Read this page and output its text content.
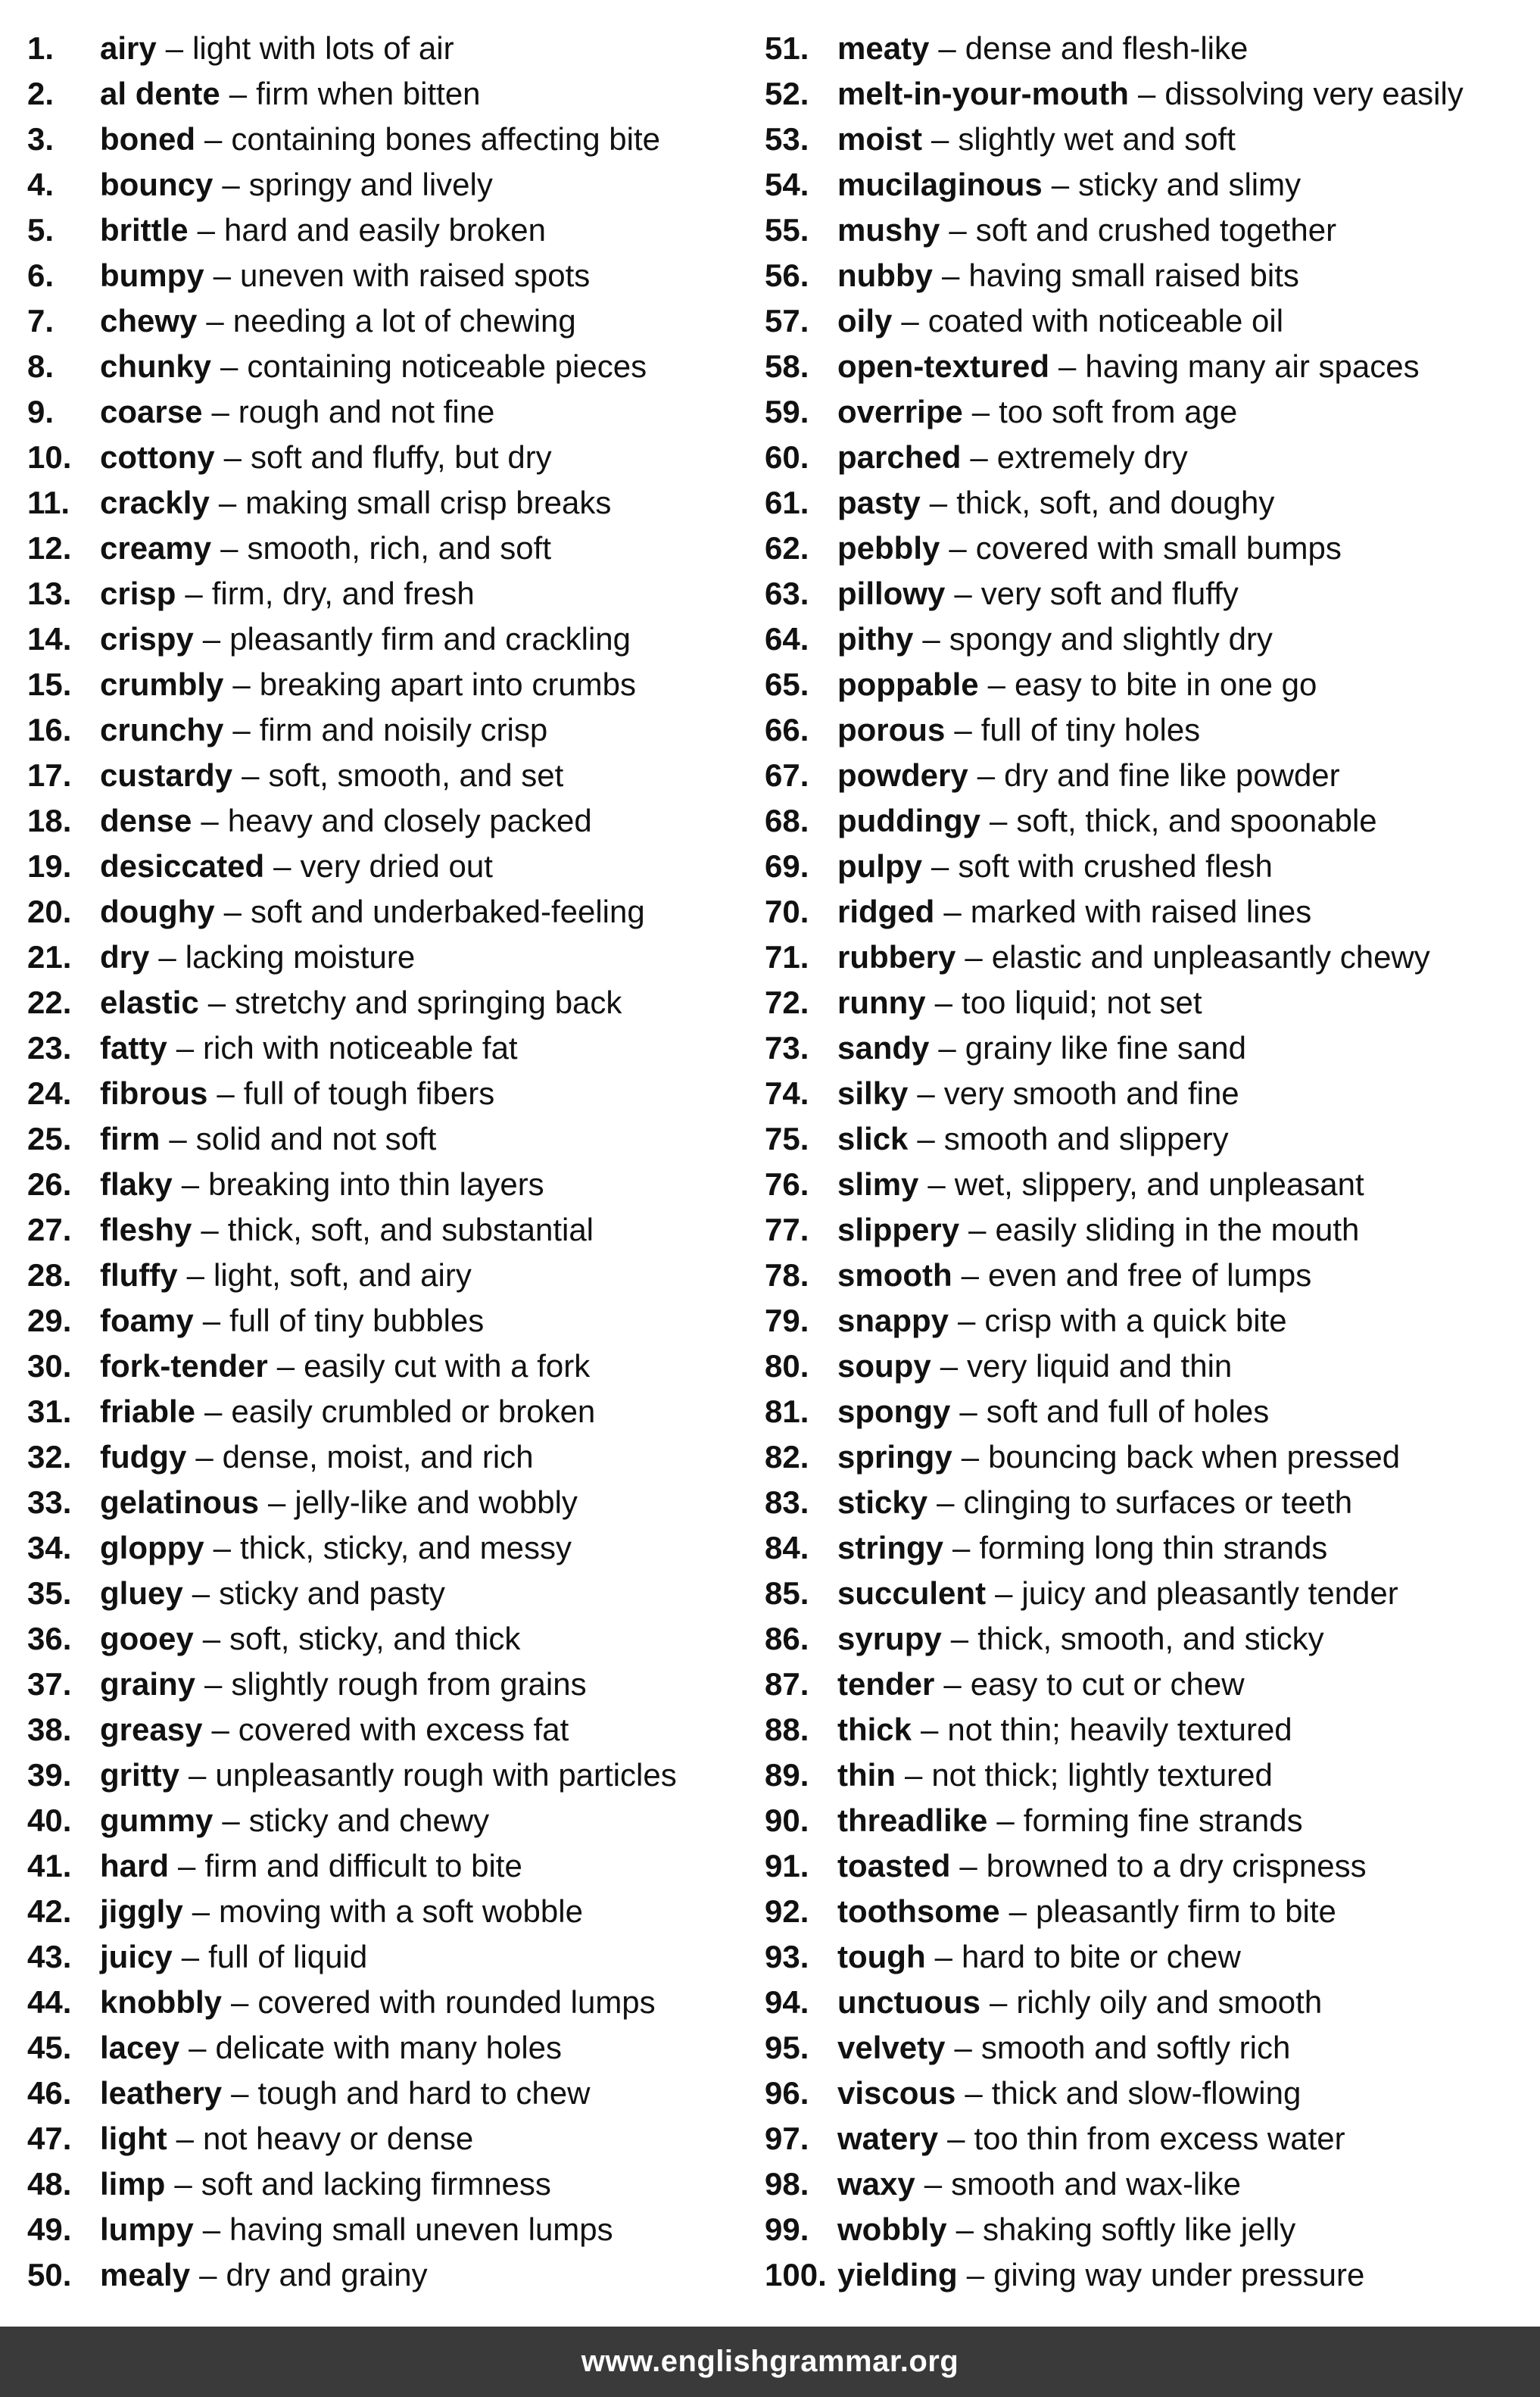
1.	airy – light with lots of air
2.	al dente – firm when bitten
3.	boned – containing bones affecting bite
4.	bouncy – springy and lively
5.	brittle – hard and easily broken
6.	bumpy – uneven with raised spots
7.	chewy – needing a lot of chewing
8.	chunky – containing noticeable pieces
9.	coarse – rough and not fine
10. cottony – soft and fluffy, but dry
11. crackly – making small crisp breaks
12. creamy – smooth, rich, and soft
13. crisp – firm, dry, and fresh
14. crispy – pleasantly firm and crackling
15. crumbly – breaking apart into crumbs
16. crunchy – firm and noisily crisp
17. custardy – soft, smooth, and set
18. dense – heavy and closely packed
19. desiccated – very dried out
20. doughy – soft and underbaked-feeling
21. dry – lacking moisture
22. elastic – stretchy and springing back
23. fatty – rich with noticeable fat
24. fibrous – full of tough fibers
25. firm – solid and not soft
26. flaky – breaking into thin layers
27. fleshy – thick, soft, and substantial
28. fluffy – light, soft, and airy
29. foamy – full of tiny bubbles
30. fork-tender – easily cut with a fork
31. friable – easily crumbled or broken
32. fudgy – dense, moist, and rich
33. gelatinous – jelly-like and wobbly
34. gloppy – thick, sticky, and messy
35. gluey – sticky and pasty
36. gooey – soft, sticky, and thick
37. grainy – slightly rough from grains
38. greasy – covered with excess fat
39. gritty – unpleasantly rough with particles
40. gummy – sticky and chewy
41. hard – firm and difficult to bite
42. jiggly – moving with a soft wobble
43. juicy – full of liquid
44. knobbly – covered with rounded lumps
45. lacey – delicate with many holes
46. leathery – tough and hard to chew
47. light – not heavy or dense
48. limp – soft and lacking firmness
49. lumpy – having small uneven lumps
50. mealy – dry and grainy
51. meaty – dense and flesh-like
52. melt-in-your-mouth – dissolving very easily
53. moist – slightly wet and soft
54. mucilaginous – sticky and slimy
55. mushy – soft and crushed together
56. nubby – having small raised bits
57. oily – coated with noticeable oil
58. open-textured – having many air spaces
59. overripe – too soft from age
60. parched – extremely dry
61. pasty – thick, soft, and doughy
62. pebbly – covered with small bumps
63. pillowy – very soft and fluffy
64. pithy – spongy and slightly dry
65. poppable – easy to bite in one go
66. porous – full of tiny holes
67. powdery – dry and fine like powder
68. puddingy – soft, thick, and spoonable
69. pulpy – soft with crushed flesh
70. ridged – marked with raised lines
71. rubbery – elastic and unpleasantly chewy
72. runny – too liquid; not set
73. sandy – grainy like fine sand
74. silky – very smooth and fine
75. slick – smooth and slippery
76. slimy – wet, slippery, and unpleasant
77. slippery – easily sliding in the mouth
78. smooth – even and free of lumps
79. snappy – crisp with a quick bite
80. soupy – very liquid and thin
81. spongy – soft and full of holes
82. springy – bouncing back when pressed
83. sticky – clinging to surfaces or teeth
84. stringy – forming long thin strands
85. succulent – juicy and pleasantly tender
86. syrupy – thick, smooth, and sticky
87. tender – easy to cut or chew
88. thick – not thin; heavily textured
89. thin – not thick; lightly textured
90. threadlike – forming fine strands
91. toasted – browned to a dry crispness
92. toothsome – pleasantly firm to bite
93. tough – hard to bite or chew
94. unctuous – richly oily and smooth
95. velvety – smooth and softly rich
96. viscous – thick and slow-flowing
97. watery – too thin from excess water
98. waxy – smooth and wax-like
99. wobbly – shaking softly like jelly
100. yielding – giving way under pressure
www.englishgrammar.org
